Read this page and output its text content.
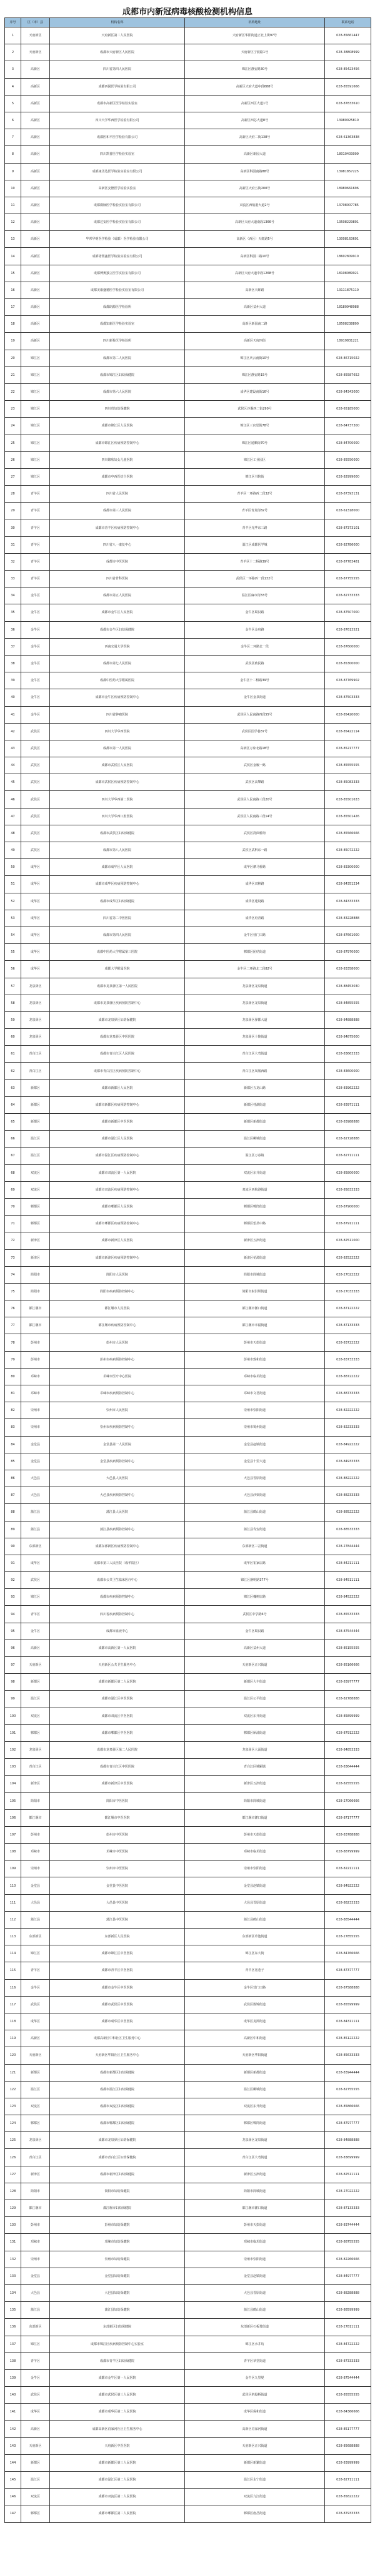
成都市内新冠病毒核酸检测机构信息
序号	区（市）县	机构名称	机构地址	联系电话
1	天府新区	天府新区第二人民医院	天府新区华阳街道正北上街97号	028-85661447
2	天府新区	成都市天府新区人民医院	天府新区宁波路1号	028-38808999
3	高新区	四川省第四人民医院	锦江区静安路30号	028-85423456
4	高新区	成都西囡医学检验有限公司	高新区天府大道中段688号	028-85591666
5	高新区	成都市高新区医学检验实验室	高新区西区大道1号	028-87833610
6	高新区	四川大学华西医学检验有限公司	高新区西芯大道8号	13980025810
7	高新区	成都医和平医学检验有限公司	高新区天府二街138号	028-61363838
8	高新区	四川凯普医学检验实验室	高新区新园大道	18010403009
9	高新区	成都康圣达医学检验实验室有限公司	高新区科园南路88号	13981857225
10	高新区	高新区安德医学检验实验室	高新区天府五街200号	18980661696
11	高新区	成都微脉医学检验实验室有限公司	双流区西航港大道2号	13708007785
12	高新区	成都达安医学检验实验室有限公司	高新区天府大道南段1366号	13508229801
13	高新区	华邦华明医学检验（成都）医学检验有限公司	高新区（西区）天虹路5号	13008163601
14	高新区	成都诺帮鑫医学检验实验室有限公司	高新区科园二路10号	18602809910
15	高新区	成都博奥独立医学实验室有限公司	高新区天府大道中段1268号	18108089921
16	高新区	成都美康盛德医学检验实验室有限公司	高新区天晖路	13111875110
17	高新区	成都朗源医学检验所	高新区益州大道	18180948988
18	高新区	成都知新医学检验实验室	高新区新园南二路	18508238800
19	高新区	四川新检医学检验所	高新区天府四街	18919831221
20	锦江区	成都市第二人民医院	锦江区庆云南街10号	028-86715022
21	锦江区	成都市锦江区妇幼保健院	锦江区静安路15号	028-85587652
22	锦江区	成都市第六人民医院	成华区建设南街16号	028-84343000
23	锦江区	四川省妇幼保健院	武侯区沙堰西二街290号	028-65185000
24	锦江区	成都市锦江区人民医院	锦江区三官堂街78号	028-84737300
25	锦江区	成都市锦江区疾病预防控制中心	锦江区通顺街70号	028-84700000
26	锦江区	四川锦欣妇女儿童医院	锦江区工业园区	028-85550000
27	锦江区	成都市中西医结合医院	锦江区书院街	028-82999000
28	青羊区	四川省人民医院	青羊区一环路西二段32号	028-87393131
29	青羊区	成都市第三人民医院	青羊区青龙街82号	028-61318000
30	青羊区	成都市青羊区疾病预防控制中心	青羊区光华东三路	028-87373101
31	青羊区	四川省八一康复中心	温江区成都医学城	028-82786000
32	青羊区	成都市中医医院	青羊区十二桥路39号	028-87783481
33	青羊区	四川省骨科医院	武侯区一环路西一段132号	028-87755555
34	金牛区	成都市第五人民医院	温江区麻市街33号	028-82733333
35	金牛区	成都市金牛区人民医院	金牛区蜀汉路	028-87507000
36	金牛区	成都市金牛区妇幼保健院	金牛区金府路	028-87613521
37	金牛区	西南交通大学医院	金牛区二环路北一段	028-87600000
38	金牛区	成都市第七人民医院	武侯区致民路	028-85300000
39	金牛区	成都中医药大学附属医院	金牛区十二桥路39号	028-87769902
40	金牛区	成都市金牛区疾病预防控制中心	金牛区金泉街道	028-87503333
41	金牛区	四川省肿瘤医院	武侯区人民南路四段55号	028-85420000
42	武侯区	四川大学华西医院	武侯区国学巷37号	028-85422114
43	武侯区	成都市第一人民医院	高新区万象北路18号	028-85217777
44	武侯区	成都市武侯区人民医院	武侯区金履一路	028-85555555
45	武侯区	成都市武侯区疾病预防控制中心	武侯区高攀路	028-85083333
46	武侯区	四川大学华西第二医院	武侯区人民南路三段20号	028-85501633
47	武侯区	四川大学华西口腔医院	武侯区人民南路三段14号	028-85501426
48	武侯区	成都市武侯区妇幼保健院	武侯区洗面桥街	028-85566666
49	武侯区	成都市第八人民医院	武侯区武科东一路	028-85072222
50	成华区	成都市成华区人民医院	成华区驷马桥路	028-83300000
51	成华区	成都市成华区疾病预防控制中心	成华区双林路	028-84351234
52	成华区	成都市成华区妇幼保健院	成华区建设路	028-84333333
53	成华区	四川省第二中医医院	成华区府青路	028-83228888
54	成华区	成都市第四人民医院	金牛区营门口路	028-87661000
55	成华区	成都中医药大学附属第三医院	郫都区团结街道	028-87970000
56	成华区	成都大学附属医院	金牛区二环路北二段82号	028-83358000
57	龙泉驿区	成都市龙泉驿区第一人民医院	龙泉驿区龙泉街道	028-88453030
58	龙泉驿区	成都市龙泉驿区疾病预防控制中心	龙泉驿区龙泉街道	028-84855555
59	龙泉驿区	成都市龙泉驿区妇幼保健院	龙泉驿区驿都大道	028-84888888
60	龙泉驿区	成都市龙泉驿区中医医院	龙泉驿区十陵街道	028-84875000
61	青白江区	成都市青白江区人民医院	青白江区大弯街道	028-83663333
62	青白江区	成都市青白江区疾病预防控制中心	青白江区凤凰西路	028-83600000
63	新都区	成都市新都区人民医院	新都区五龙山路	028-83962222
64	新都区	成都市新都区疾病预防控制中心	新都区桂湖街道	028-83971111
65	新都区	成都市新都区中医医院	新都区新都街道	028-83988888
66	温江区	成都市温江区人民医院	温江区柳城街道	028-82728888
67	温江区	成都市温江区疾病预防控制中心	温江区万春镇	028-82711111
68	双流区	成都市双流区第一人民医院	双流区东升街道	028-85800000
69	双流区	成都市双流区疾病预防控制中心	双流区西航港街道	028-85833333
70	郫都区	成都市郫都区人民医院	郫都区郫筒街道	028-87900000
71	郫都区	成都市郫都区疾病预防控制中心	郫都区望丛中路	028-87911111
72	新津区	成都市新津区人民医院	新津区五津街道	028-82511000
73	新津区	成都市新津区疾病预防控制中心	新津区花源街道	028-82522222
74	简阳市	简阳市人民医院	简阳市简城街道	028-27022222
75	简阳市	简阳市疾病预防控制中心	简阳市射洪坝街道	028-27033333
76	都江堰市	都江堰市人民医院	都江堰市灌口街道	028-87122222
77	都江堰市	都江堰市疾病预防控制中心	都江堰市幸福街道	028-87133333
78	彭州市	彭州市人民医院	彭州市天彭街道	028-83722222
79	彭州市	彭州市疾病预防控制中心	彭州市致和街道	028-83733333
80	邛崃市	邛崃市医疗中心医院	邛崃市临邛街道	028-88722222
81	邛崃市	邛崃市疾病预防控制中心	邛崃市文君街道	028-88733333
82	崇州市	崇州市人民医院	崇州市崇阳街道	028-82222222
83	崇州市	崇州市疾病预防控制中心	崇州市蜀州街道	028-82233333
84	金堂县	金堂县第一人民医院	金堂县赵镇街道	028-84922222
85	金堂县	金堂县疾病预防控制中心	金堂县十里大道	028-84933333
86	大邑县	大邑县人民医院	大邑县晋原街道	028-88222222
87	大邑县	大邑县疾病预防控制中心	大邑县沙渠街道	028-88233333
88	蒲江县	蒲江县人民医院	蒲江县鹤山街道	028-88522222
89	蒲江县	蒲江县疾病预防控制中心	蒲江县寿安街道	028-88533333
90	东部新区	成都东部新区疾病预防控制中心	东部新区三岔街道	028-27844444
91	成华区	成都市第三人民医院（成华院区）	成华区崔家店路	028-84211111
92	武侯区	成都市公共卫生临床医疗中心	锦江区静明路377号	028-84511111
93	锦江区	成都市疾病预防控制中心	锦江区槐树店路	028-84522222
94	青羊区	四川省疾病预防控制中心	武侯区中学路6号	028-85533333
95	金牛区	成都市血液中心	金牛区蜀汉路	028-87544444
96	高新区	成都市高新区第一人民医院	高新区益州大道	028-85155555
97	天府新区	天府新区公共卫生服务中心	天府新区正兴街道	028-85166666
98	新都区	成都市新都区第二人民医院	新都区大丰街道	028-83977777
99	温江区	成都市温江区中医医院	温江区公平街道	028-82788888
100	双流区	成都市双流区中医医院	双流区东升街道	028-85899999
101	郫都区	成都市郫都区中医医院	郫都区犀浦街道	028-87912222
102	龙泉驿区	成都市龙泉驿区第二人民医院	龙泉驿区大面街道	028-84853333
103	青白江区	成都市青白江区中医医院	青白江区城厢镇	028-83644444
104	新津区	成都市新津区中医医院	新津区五津街道	028-82555555
105	简阳市	简阳市中医医院	简阳市简城街道	028-27066666
106	都江堰市	都江堰市中医医院	都江堰市灌口街道	028-87177777
107	彭州市	彭州市中医医院	彭州市天彭街道	028-83788888
108	邛崃市	邛崃市中医医院	邛崃市临邛街道	028-88799999
109	崇州市	崇州市中医医院	崇州市崇阳街道	028-82211111
110	金堂县	金堂县中医医院	金堂县赵镇街道	028-84922222
111	大邑县	大邑县中医医院	大邑县晋原街道	028-88233333
112	蒲江县	蒲江县中医医院	蒲江县鹤山街道	028-88544444
113	东部新区	东部新区人民医院	东部新区草池街道	028-27855555
114	锦江区	成都市锦江区中医医院	锦江区东大街	028-84766666
115	青羊区	成都市青羊区中医医院	青羊区宽巷子	028-87377777
116	金牛区	成都市金牛区中医医院	金牛区营门口路	028-87588888
117	武侯区	成都市武侯区中医医院	武侯区簇锦街道	028-85599999
118	成华区	成都市成华区中医医院	成华区龙潭街道	028-84311111
119	高新区	成都高新区中和社区卫生服务中心	高新区中和街道	028-85122222
120	天府新区	天府新区华阳社区卫生服务中心	天府新区华阳街道	028-85633333
121	新都区	成都市新都区妇幼保健院	新都区新都街道	028-83944444
122	温江区	成都市温江区妇幼保健院	温江区柳城街道	028-82755555
123	双流区	成都市双流区妇幼保健院	双流区东升街道	028-85866666
124	郫都区	成都市郫都区妇幼保健院	郫都区郫筒街道	028-87977777
125	龙泉驿区	成都市龙泉驿区妇幼保健院	龙泉驿区龙泉街道	028-84888888
126	青白江区	成都市青白江区妇幼保健院	青白江区大弯街道	028-83699999
127	新津区	成都市新津区妇幼保健院	新津区五津街道	028-82511111
128	简阳市	简阳市妇幼保健院	简阳市简城街道	028-27022222
129	都江堰市	都江堰市妇幼保健院	都江堰市灌口街道	028-87133333
130	彭州市	彭州市妇幼保健院	彭州市天彭街道	028-83744444
131	邛崃市	邛崃市妇幼保健院	邛崃市临邛街道	028-88755555
132	崇州市	崇州市妇幼保健院	崇州市崇阳街道	028-82266666
133	金堂县	金堂县妇幼保健院	金堂县赵镇街道	028-84977777
134	大邑县	大邑县妇幼保健院	大邑县晋原街道	028-88288888
135	蒲江县	蒲江县妇幼保健院	蒲江县鹤山街道	028-88599999
136	东部新区	东部新区妇幼保健院	东部新区石板凳街道	028-27811111
137	锦江区	成都市锦江区疾病预防控制中心实验室	锦江区水井坊	028-84722222
138	青羊区	成都市青羊区妇幼保健院	青羊区草堂街道	028-87333333
139	金牛区	成都市金牛区第一人民医院	金牛区九里堤	028-87544444
140	武侯区	成都市武侯区第三人民医院	武侯区机投桥街道	028-85555555
141	成华区	成都市成华区第二人民医院	成华区保和街道	028-84366666
142	高新区	成都高新区肖家河社区卫生服务中心	高新区肖家河街道	028-85177777
143	天府新区	天府新区中医医院	天府新区正兴街道	028-85688888
144	新都区	成都市新都区第三人民医院	新都区新繁街道	028-83999999
145	温江区	成都市温江区第二人民医院	温江区永宁街道	028-82711111
146	双流区	成都市双流区第二人民医院	双流区九江街道	028-85822222
147	郫都区	成都市郫都区第二人民医院	郫都区唐昌街道	028-87933333
